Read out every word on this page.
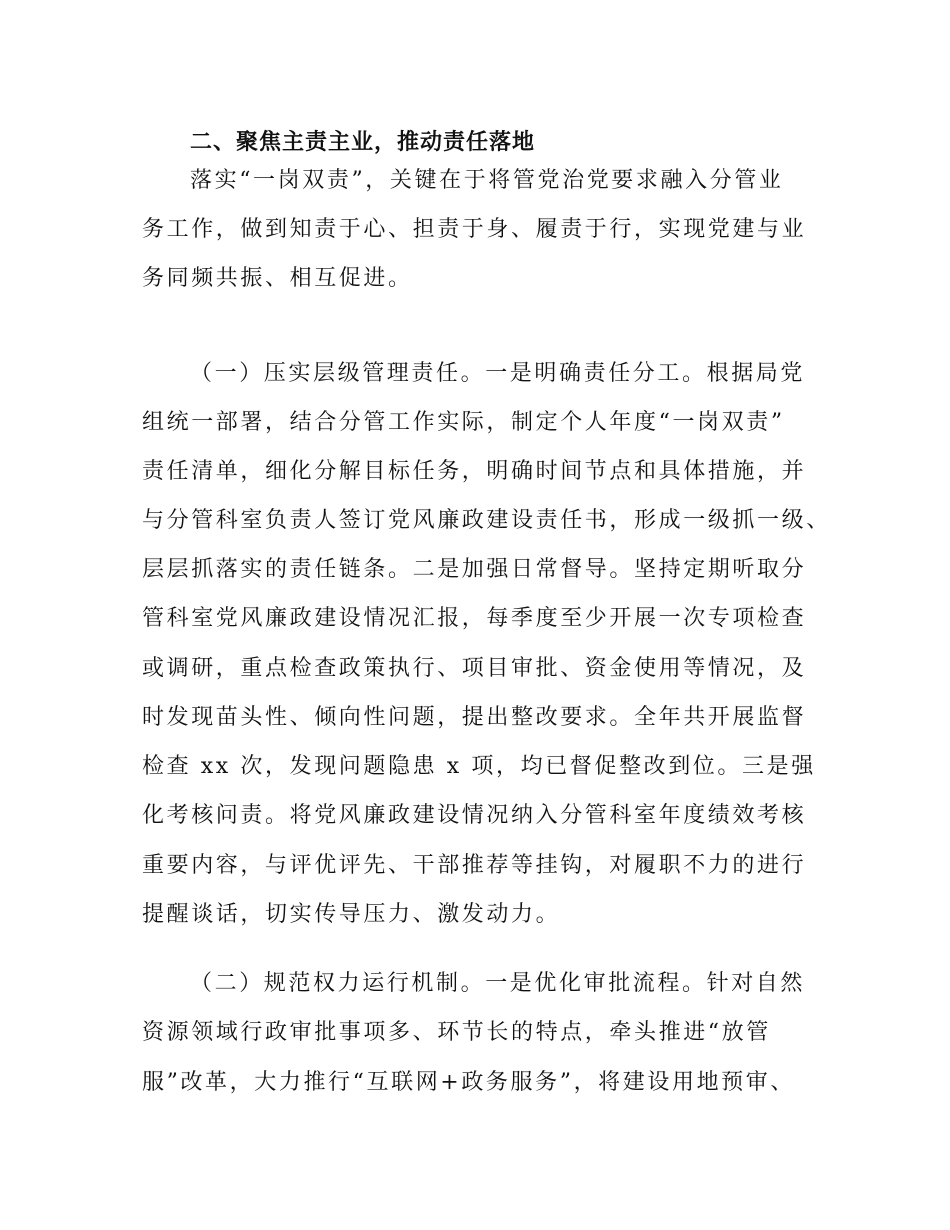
二、聚焦主责主业，推动责任落地
落实“一岗双责”，关键在于将管党治党要求融入分管业
务工作，做到知责于心、担责于身、履责于行，实现党建与业
务同频共振、相互促进。
（一）压实层级管理责任。一是明确责任分工。根据局党
组统一部署，结合分管工作实际，制定个人年度“一岗双责”
责任清单，细化分解目标任务，明确时间节点和具体措施，并
与分管科室负责人签订党风廉政建设责任书，形成一级抓一级、
层层抓落实的责任链条。二是加强日常督导。坚持定期听取分
管科室党风廉政建设情况汇报，每季度至少开展一次专项检查
或调研，重点检查政策执行、项目审批、资金使用等情况，及
时发现苗头性、倾向性问题，提出整改要求。全年共开展监督
检查 xx 次，发现问题隐患 x 项，均已督促整改到位。三是强
化考核问责。将党风廉政建设情况纳入分管科室年度绩效考核
重要内容，与评优评先、干部推荐等挂钩，对履职不力的进行
提醒谈话，切实传导压力、激发动力。
（二）规范权力运行机制。一是优化审批流程。针对自然
资源领域行政审批事项多、环节长的特点，牵头推进“放管
服”改革，大力推行“互联网+政务服务”，将建设用地预审、
